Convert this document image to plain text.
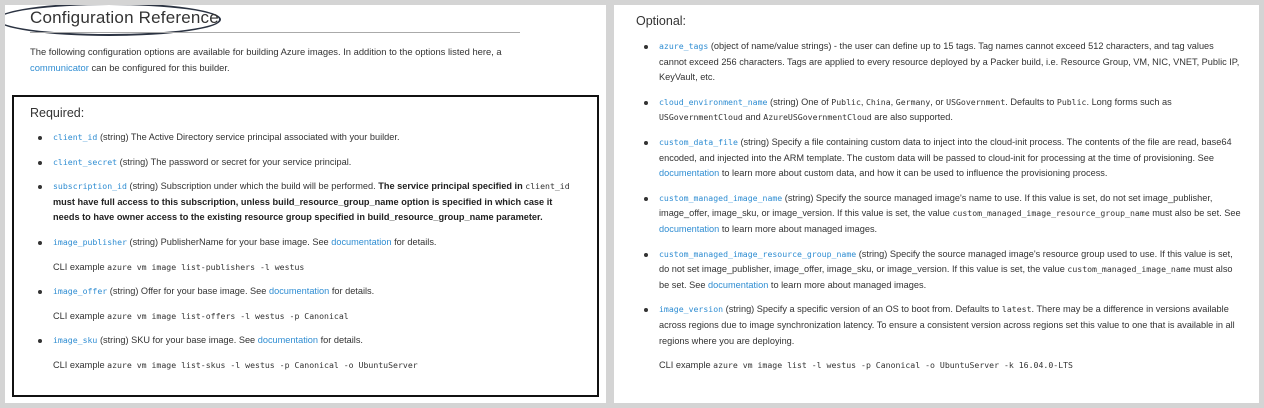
Configuration Reference

The following configuration options are available for building Azure images. In addition to the options listed here, a communicator can be configured for this builder.

Required:
client_id (string) The Active Directory service principal associated with your builder.
client_secret (string) The password or secret for your service principal.
subscription_id (string) Subscription under which the build will be performed. The service principal specified in client_id must have full access to this subscription, unless build_resource_group_name option is specified in which case it needs to have owner access to the existing resource group specified in build_resource_group_name parameter.
image_publisher (string) PublisherName for your base image. See documentation for details.
CLI example azure vm image list-publishers -l westus
image_offer (string) Offer for your base image. See documentation for details.
CLI example azure vm image list-offers -l westus -p Canonical
image_sku (string) SKU for your base image. See documentation for details.
CLI example azure vm image list-skus -l westus -p Canonical -o UbuntuServer
Optional:
azure_tags (object of name/value strings) - the user can define up to 15 tags. Tag names cannot exceed 512 characters, and tag values cannot exceed 256 characters. Tags are applied to every resource deployed by a Packer build, i.e. Resource Group, VM, NIC, VNET, Public IP, KeyVault, etc.
cloud_environment_name (string) One of Public, China, Germany, or USGovernment. Defaults to Public. Long forms such as USGovernmentCloud and AzureUSGovernmentCloud are also supported.
custom_data_file (string) Specify a file containing custom data to inject into the cloud-init process. The contents of the file are read, base64 encoded, and injected into the ARM template. The custom data will be passed to cloud-init for processing at the time of provisioning. See documentation to learn more about custom data, and how it can be used to influence the provisioning process.
custom_managed_image_name (string) Specify the source managed image's name to use. If this value is set, do not set image_publisher, image_offer, image_sku, or image_version. If this value is set, the value custom_managed_image_resource_group_name must also be set. See documentation to learn more about managed images.
custom_managed_image_resource_group_name (string) Specify the source managed image's resource group used to use. If this value is set, do not set image_publisher, image_offer, image_sku, or image_version. If this value is set, the value custom_managed_image_name must also be set. See documentation to learn more about managed images.
image_version (string) Specify a specific version of an OS to boot from. Defaults to latest. There may be a difference in versions available across regions due to image synchronization latency. To ensure a consistent version across regions set this value to one that is available in all regions where you are deploying.
CLI example azure vm image list -l westus -p Canonical -o UbuntuServer -k 16.04.0-LTS
